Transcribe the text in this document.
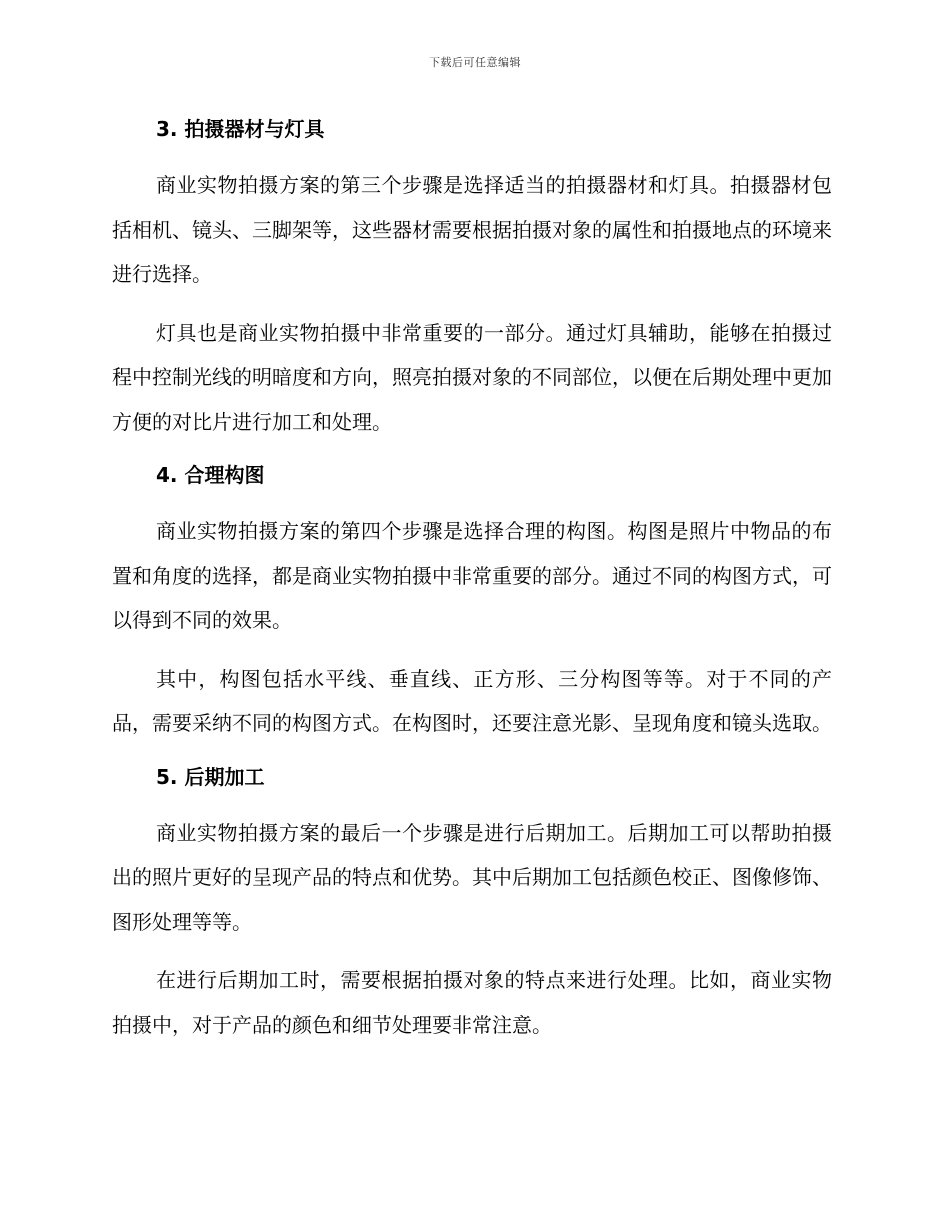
下载后可任意编辑
3. 拍摄器材与灯具

商业实物拍摄方案的第三个步骤是选择适当的拍摄器材和灯具。拍摄器材包括相机、镜头、三脚架等，这些器材需要根据拍摄对象的属性和拍摄地点的环境来进行选择。

灯具也是商业实物拍摄中非常重要的一部分。通过灯具辅助，能够在拍摄过程中控制光线的明暗度和方向，照亮拍摄对象的不同部位，以便在后期处理中更加方便的对比片进行加工和处理。

4. 合理构图

商业实物拍摄方案的第四个步骤是选择合理的构图。构图是照片中物品的布置和角度的选择，都是商业实物拍摄中非常重要的部分。通过不同的构图方式，可以得到不同的效果。

其中，构图包括水平线、垂直线、正方形、三分构图等等。对于不同的产品，需要采纳不同的构图方式。在构图时，还要注意光影、呈现角度和镜头选取。

5. 后期加工

商业实物拍摄方案的最后一个步骤是进行后期加工。后期加工可以帮助拍摄出的照片更好的呈现产品的特点和优势。其中后期加工包括颜色校正、图像修饰、图形处理等等。

在进行后期加工时，需要根据拍摄对象的特点来进行处理。比如，商业实物拍摄中，对于产品的颜色和细节处理要非常注意。
